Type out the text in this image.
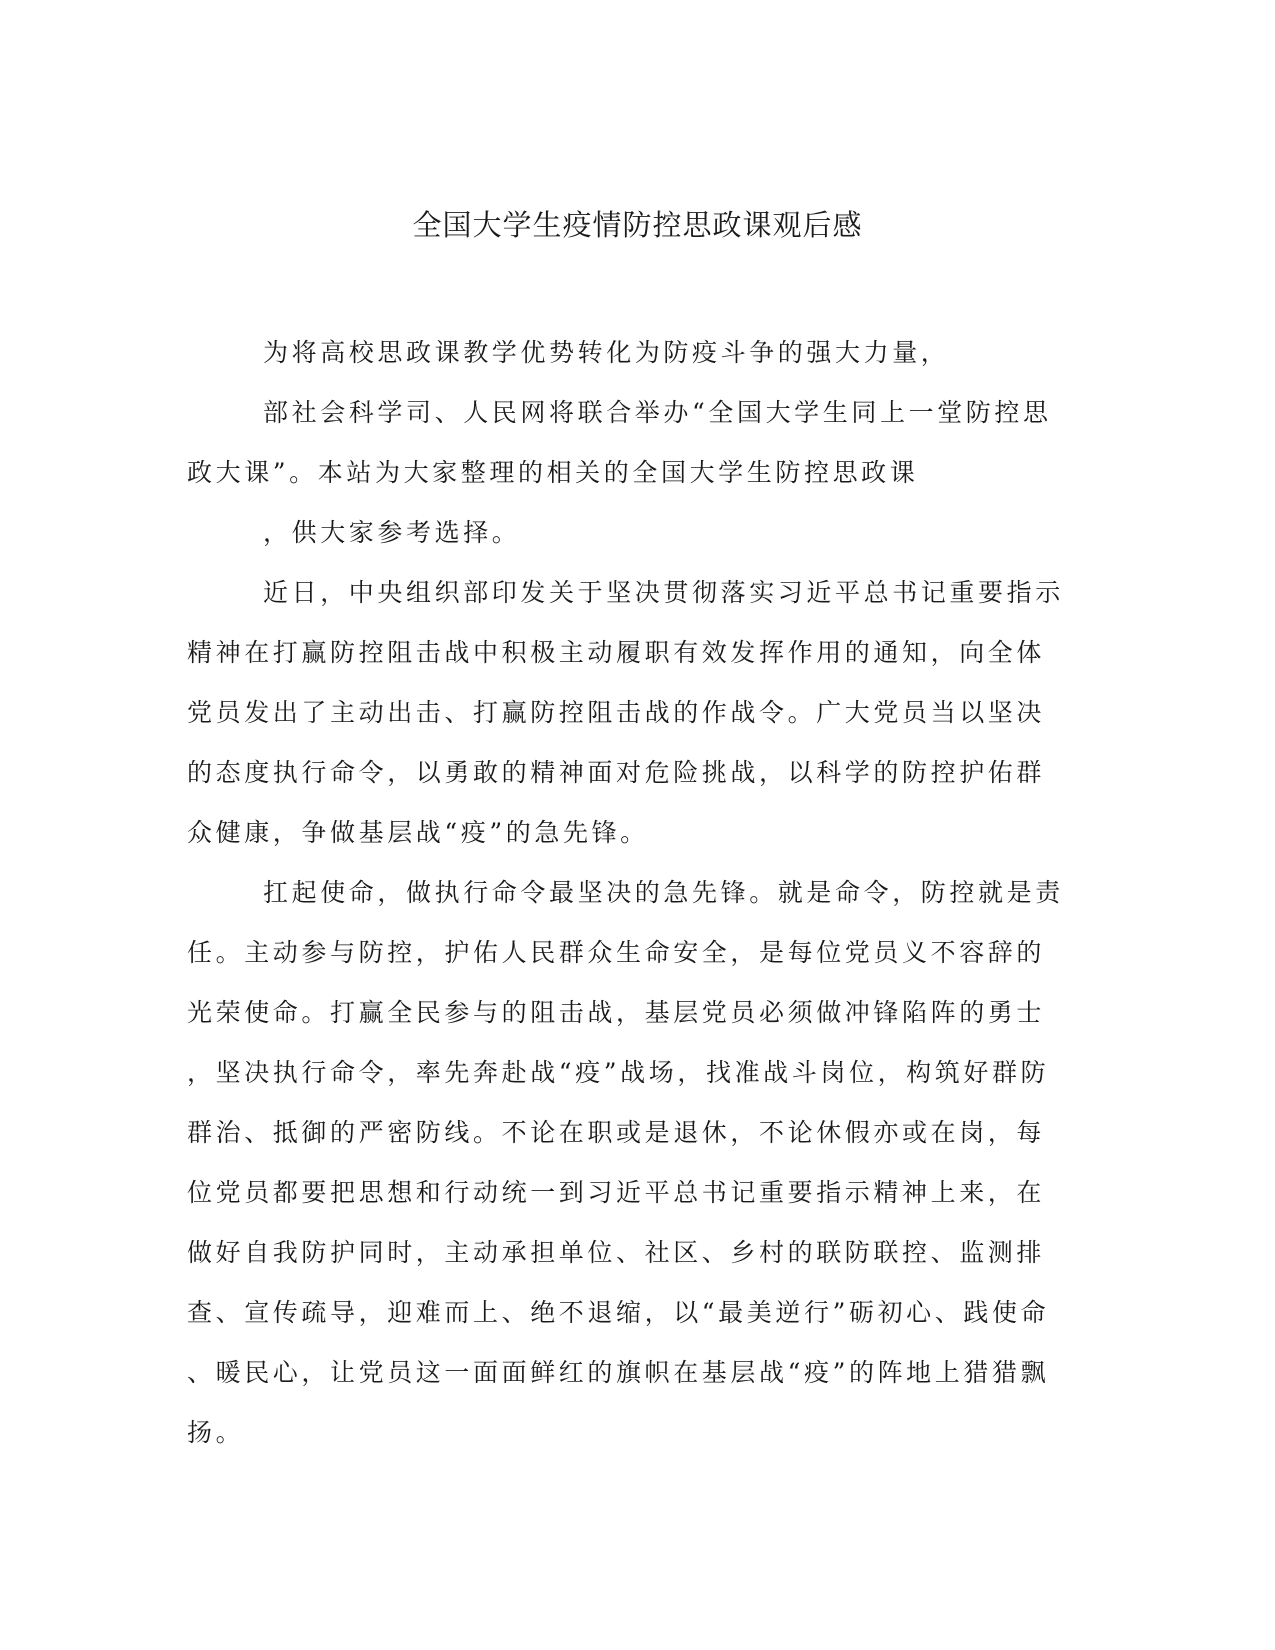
全国大学生疫情防控思政课观后感
为将高校思政课教学优势转化为防疫斗争的强大力量，
部社会科学司、人民网将联合举办“全国大学生同上一堂防控思
政大课”。本站为大家整理的相关的全国大学生防控思政课
，供大家参考选择。
近日，中央组织部印发关于坚决贯彻落实习近平总书记重要指示
精神在打赢防控阻击战中积极主动履职有效发挥作用的通知，向全体
党员发出了主动出击、打赢防控阻击战的作战令。广大党员当以坚决
的态度执行命令，以勇敢的精神面对危险挑战，以科学的防控护佑群
众健康，争做基层战“疫”的急先锋。
扛起使命，做执行命令最坚决的急先锋。就是命令，防控就是责
任。主动参与防控，护佑人民群众生命安全，是每位党员义不容辞的
光荣使命。打赢全民参与的阻击战，基层党员必须做冲锋陷阵的勇士
，坚决执行命令，率先奔赴战“疫”战场，找准战斗岗位，构筑好群防
群治、抵御的严密防线。不论在职或是退休，不论休假亦或在岗，每
位党员都要把思想和行动统一到习近平总书记重要指示精神上来，在
做好自我防护同时，主动承担单位、社区、乡村的联防联控、监测排
查、宣传疏导，迎难而上、绝不退缩，以“最美逆行”砺初心、践使命
、暖民心，让党员这一面面鲜红的旗帜在基层战“疫”的阵地上猎猎飘
扬。
